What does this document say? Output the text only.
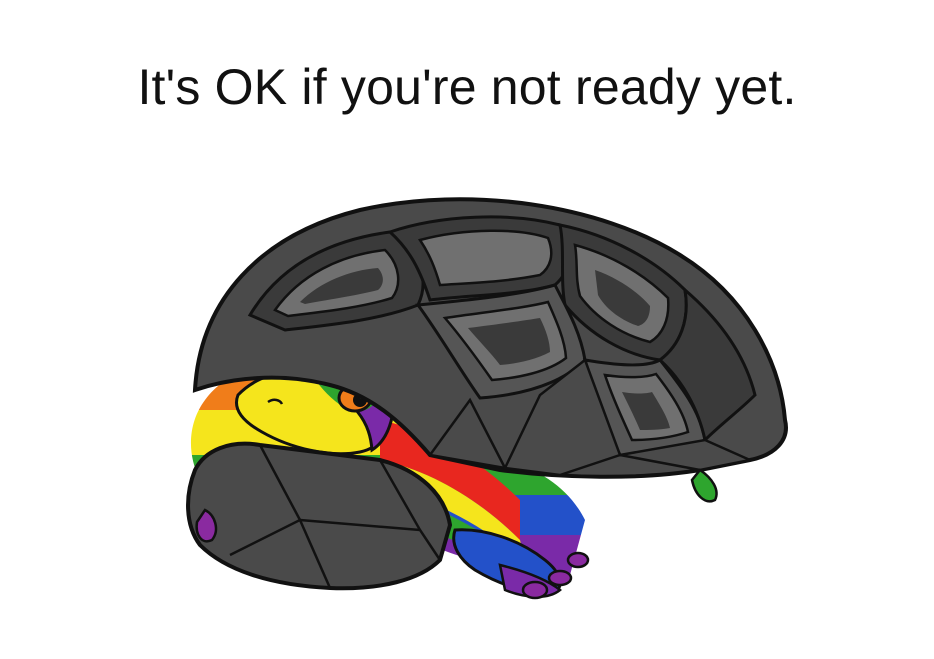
It's OK if you're not ready yet.
